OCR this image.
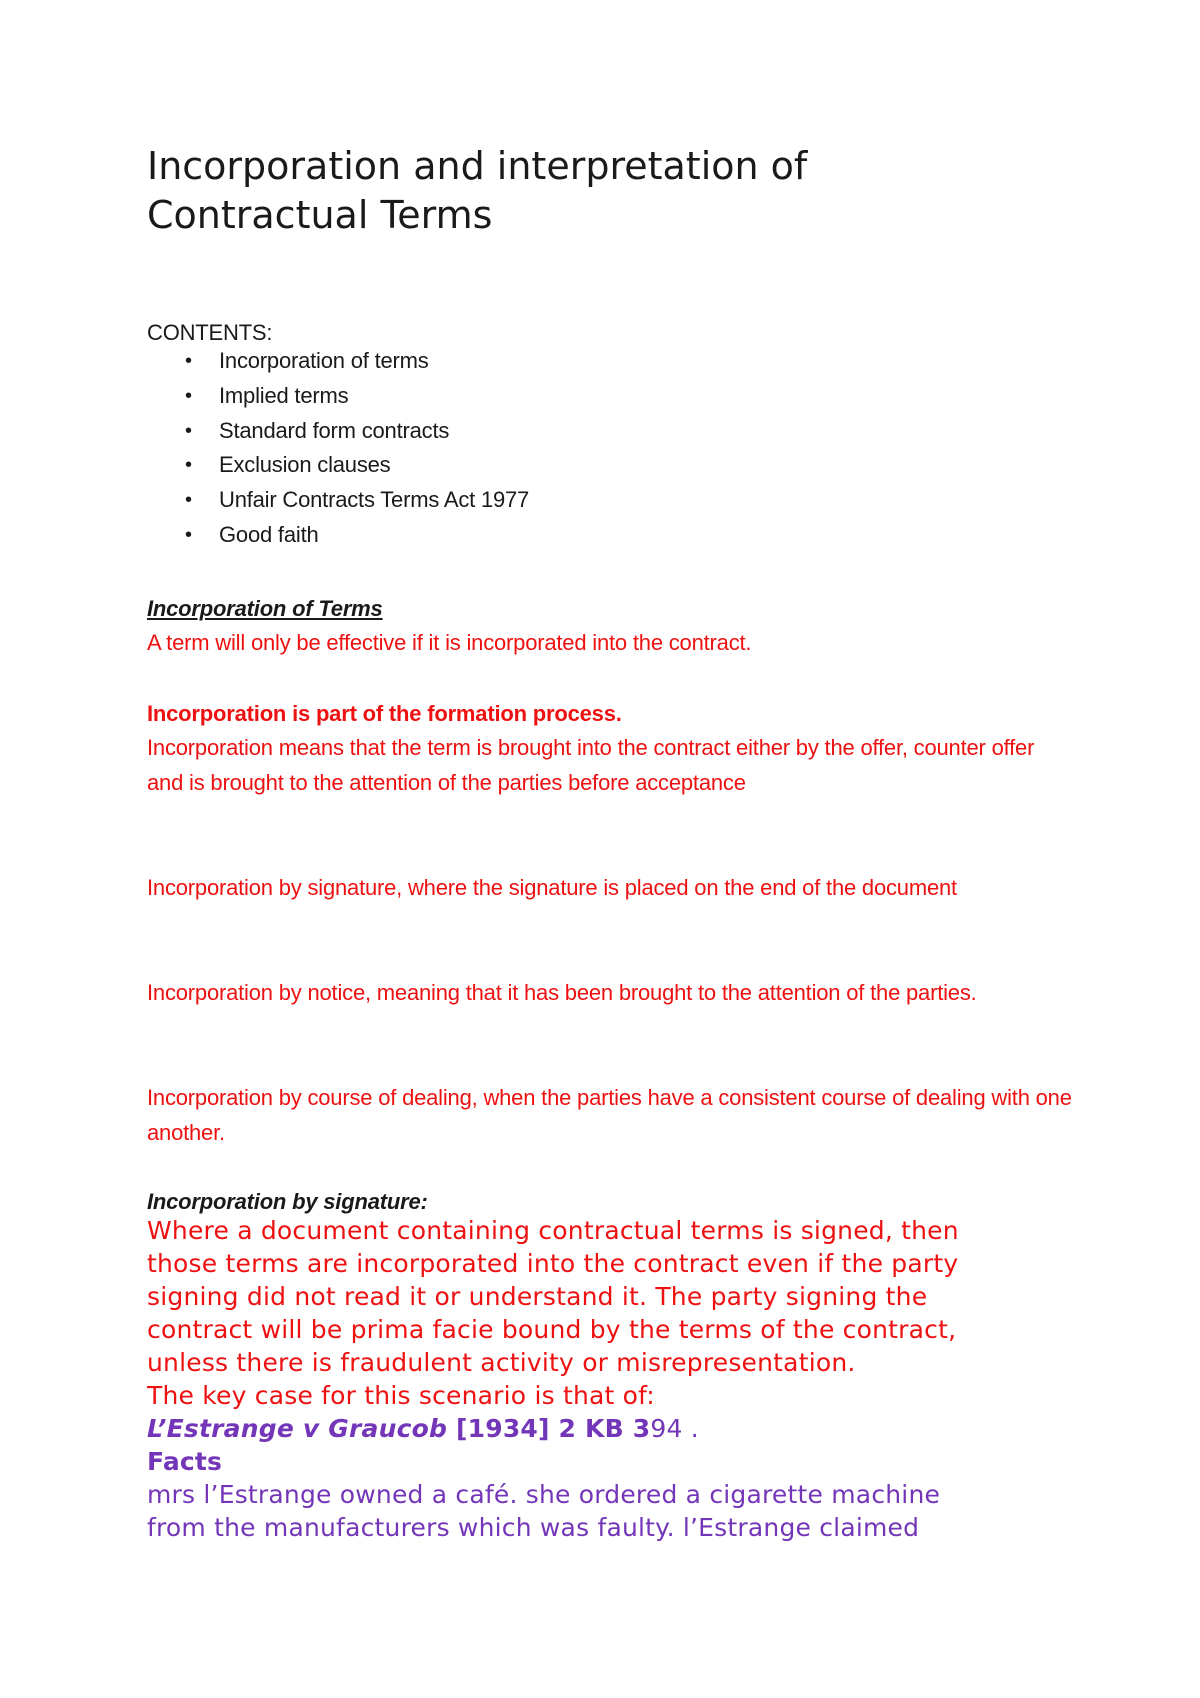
Incorporation and interpretation of
Contractual Terms
CONTENTS:
• Incorporation of terms
• Implied terms
• Standard form contracts
• Exclusion clauses
• Unfair Contracts Terms Act 1977
• Good faith
Incorporation of Terms
A term will only be effective if it is incorporated into the contract.
Incorporation is part of the formation process.
Incorporation means that the term is brought into the contract either by the offer, counter offer and is brought to the attention of the parties before acceptance
Incorporation by signature, where the signature is placed on the end of the document
Incorporation by notice, meaning that it has been brought to the attention of the parties.
Incorporation by course of dealing, when the parties have a consistent course of dealing with one another.
Incorporation by signature:
Where a document containing contractual terms is signed, then
those terms are incorporated into the contract even if the party
signing did not read it or understand it. The party signing the
contract will be prima facie bound by the terms of the contract,
unless there is fraudulent activity or misrepresentation.
The key case for this scenario is that of:
L’Estrange v Graucob [1934] 2 KB 394 .
Facts
mrs l’Estrange owned a café. she ordered a cigarette machine
from the manufacturers which was faulty. l’Estrange claimed
